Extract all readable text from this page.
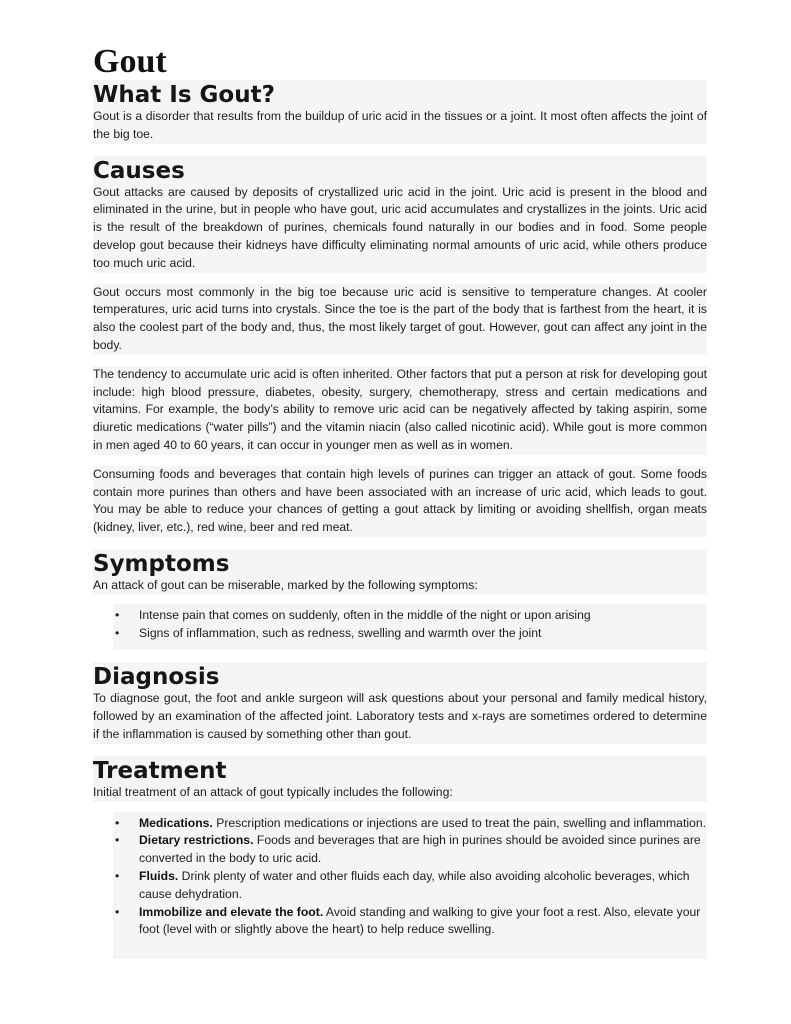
Gout
What Is Gout?

Gout is a disorder that results from the buildup of uric acid in the tissues or a joint. It most often affects the joint of the big toe.

Causes

Gout attacks are caused by deposits of crystallized uric acid in the joint. Uric acid is present in the blood and eliminated in the urine, but in people who have gout, uric acid accumulates and crystallizes in the joints. Uric acid is the result of the breakdown of purines, chemicals found naturally in our bodies and in food. Some people develop gout because their kidneys have difficulty eliminating normal amounts of uric acid, while others produce too much uric acid.

Gout occurs most commonly in the big toe because uric acid is sensitive to temperature changes. At cooler temperatures, uric acid turns into crystals. Since the toe is the part of the body that is farthest from the heart, it is also the coolest part of the body and, thus, the most likely target of gout. However, gout can affect any joint in the body.

The tendency to accumulate uric acid is often inherited. Other factors that put a person at risk for developing gout include: high blood pressure, diabetes, obesity, surgery, chemotherapy, stress and certain medications and vitamins. For example, the body’s ability to remove uric acid can be negatively affected by taking aspirin, some diuretic medications (“water pills”) and the vitamin niacin (also called nicotinic acid). While gout is more common in men aged 40 to 60 years, it can occur in younger men as well as in women.

Consuming foods and beverages that contain high levels of purines can trigger an attack of gout. Some foods contain more purines than others and have been associated with an increase of uric acid, which leads to gout. You may be able to reduce your chances of getting a gout attack by limiting or avoiding shellfish, organ meats (kidney, liver, etc.), red wine, beer and red meat.

Symptoms

An attack of gout can be miserable, marked by the following symptoms:

• Intense pain that comes on suddenly, often in the middle of the night or upon arising
• Signs of inflammation, such as redness, swelling and warmth over the joint
Diagnosis

To diagnose gout, the foot and ankle surgeon will ask questions about your personal and family medical history, followed by an examination of the affected joint. Laboratory tests and x-rays are sometimes ordered to determine if the inflammation is caused by something other than gout.

Treatment

Initial treatment of an attack of gout typically includes the following:

• Medications. Prescription medications or injections are used to treat the pain, swelling and inflammation.
• Dietary restrictions. Foods and beverages that are high in purines should be avoided since purines are converted in the body to uric acid.
• Fluids. Drink plenty of water and other fluids each day, while also avoiding alcoholic beverages, which cause dehydration.
• Immobilize and elevate the foot. Avoid standing and walking to give your foot a rest. Also, elevate your foot (level with or slightly above the heart) to help reduce swelling.
